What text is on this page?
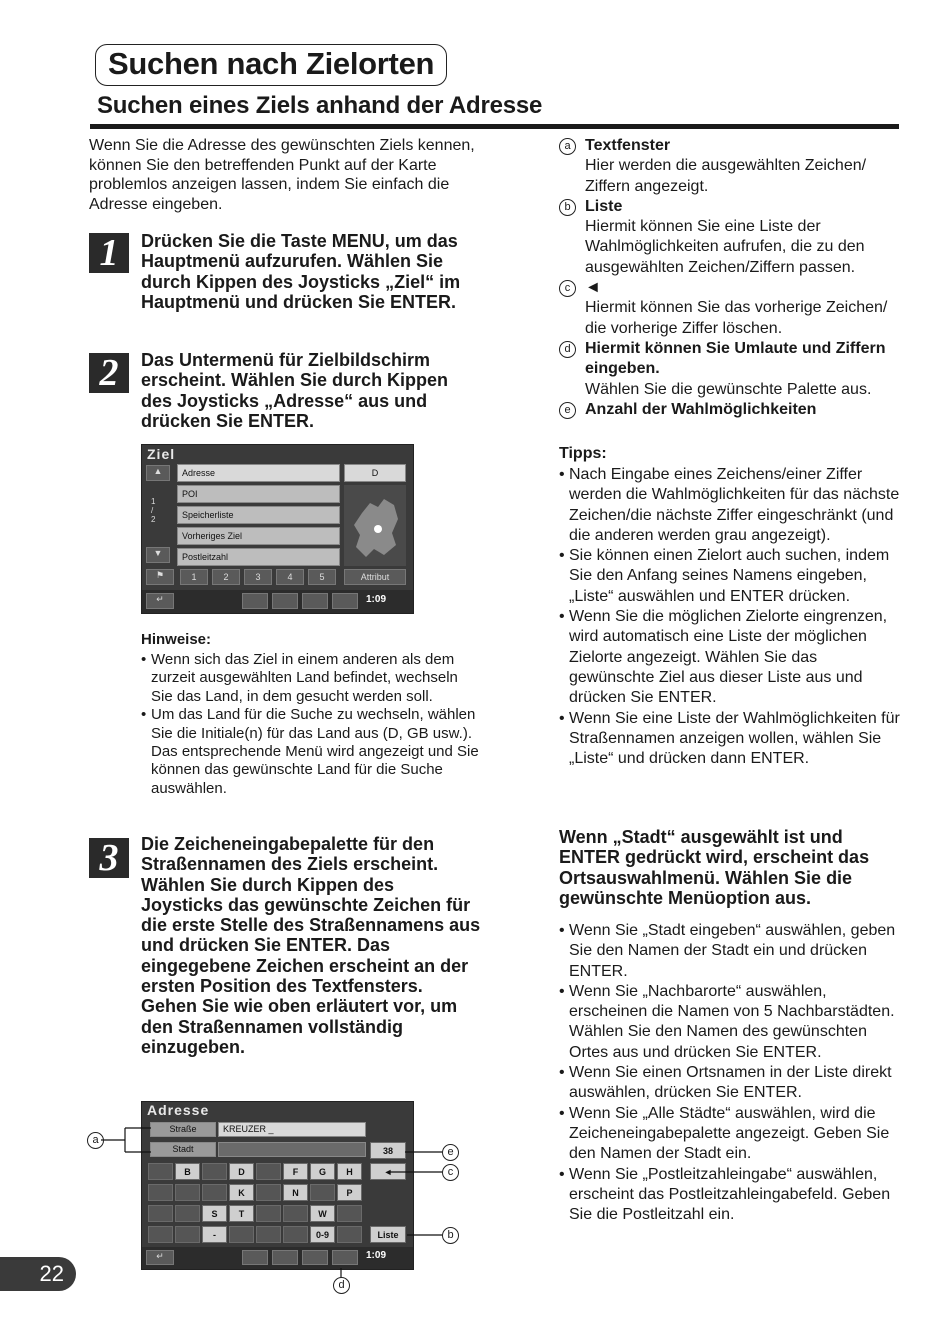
Suchen nach Zielorten
Suchen eines Ziels anhand der Adresse
Wenn Sie die Adresse des gewünschten Ziels kennen, können Sie den betreffenden Punkt auf der Karte problemlos anzeigen lassen, indem Sie einfach die Adresse eingeben.
1	Drücken Sie die Taste MENU, um das Hauptmenü aufzurufen. Wählen Sie durch Kippen des Joysticks „Ziel“ im Hauptmenü und drücken Sie ENTER.
2	Das Untermenü für Zielbildschirm erscheint. Wählen Sie durch Kippen des Joysticks „Adresse“ aus und drücken Sie ENTER.
Ziel
▲
1
/
2
▼
Adresse
POI
Speicherliste
Vorheriges Ziel
Postleitzahl
D
⚑	1	2	3	4	5	Attribut
↵	1:09
Hinweise:
• Wenn sich das Ziel in einem anderen als dem zurzeit ausgewählten Land befindet, wechseln Sie das Land, in dem gesucht werden soll.
• Um das Land für die Suche zu wechseln, wählen Sie die Initiale(n) für das Land aus (D, GB usw.). Das entsprechende Menü wird angezeigt und Sie können das gewünschte Land für die Suche auswählen.
3	Die Zeicheneingabepalette für den Straßennamen des Ziels erscheint. Wählen Sie durch Kippen des Joysticks das gewünschte Zeichen für die erste Stelle des Straßennamens aus und drücken Sie ENTER. Das eingegebene Zeichen erscheint an der ersten Position des Textfensters. Gehen Sie wie oben erläutert vor, um den Straßennamen vollständig einzugeben.
Adresse
Straße	KREUZER _
Stadt	38
◄
B	D	F	G	H
K	N	P
S	T	W
-	0-9	Liste
↵	1:09
a
e
c
b
d
a Textfenster
Hier werden die ausgewählten Zeichen/ Ziffern angezeigt.
b Liste
Hiermit können Sie eine Liste der Wahlmöglichkeiten aufrufen, die zu den ausgewählten Zeichen/Ziffern passen.
c ◄
Hiermit können Sie das vorherige Zeichen/ die vorherige Ziffer löschen.
d Hiermit können Sie Umlaute und Ziffern eingeben.
Wählen Sie die gewünschte Palette aus.
e Anzahl der Wahlmöglichkeiten
Tipps:
• Nach Eingabe eines Zeichens/einer Ziffer werden die Wahlmöglichkeiten für das nächste Zeichen/die nächste Ziffer eingeschränkt (und die anderen werden grau angezeigt).
• Sie können einen Zielort auch suchen, indem Sie den Anfang seines Namens eingeben, „Liste“ auswählen und ENTER drücken.
• Wenn Sie die möglichen Zielorte eingrenzen, wird automatisch eine Liste der möglichen Zielorte angezeigt. Wählen Sie das gewünschte Ziel aus dieser Liste aus und drücken Sie ENTER.
• Wenn Sie eine Liste der Wahlmöglichkeiten für Straßennamen anzeigen wollen, wählen Sie „Liste“ und drücken dann ENTER.
Wenn „Stadt“ ausgewählt ist und ENTER gedrückt wird, erscheint das Ortsauswahlmenü. Wählen Sie die gewünschte Menüoption aus.
• Wenn Sie „Stadt eingeben“ auswählen, geben Sie den Namen der Stadt ein und drücken ENTER.
• Wenn Sie „Nachbarorte“ auswählen, erscheinen die Namen von 5 Nachbarstädten. Wählen Sie den Namen des gewünschten Ortes aus und drücken Sie ENTER.
• Wenn Sie einen Ortsnamen in der Liste direkt auswählen, drücken Sie ENTER.
• Wenn Sie „Alle Städte“ auswählen, wird die Zeicheneingabepalette angezeigt. Geben Sie den Namen der Stadt ein.
• Wenn Sie „Postleitzahleingabe“ auswählen, erscheint das Postleitzahleingabefeld. Geben Sie die Postleitzahl ein.
22
